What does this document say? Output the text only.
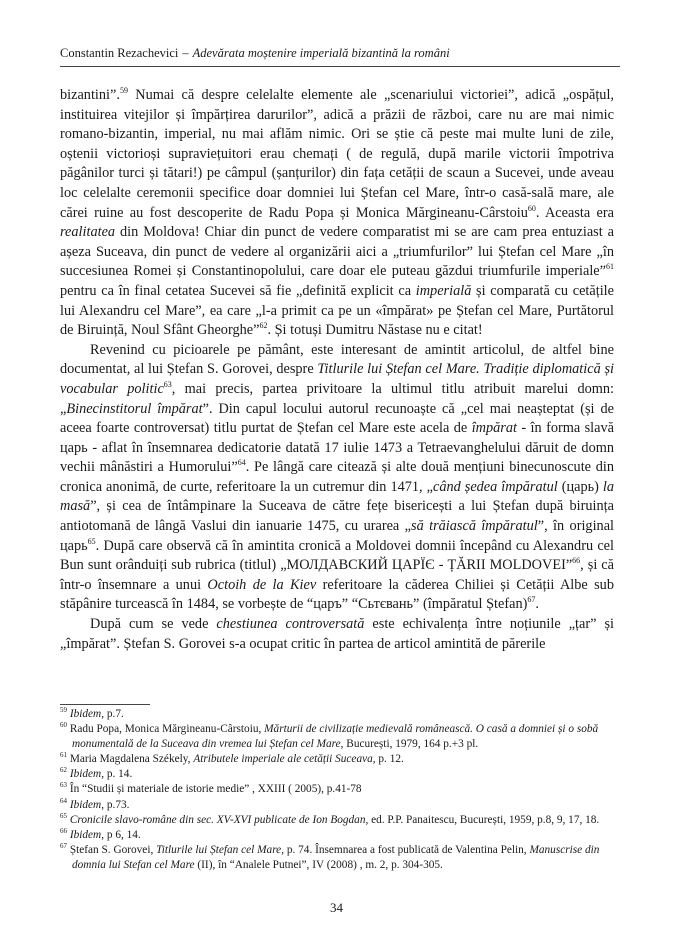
Constantin Rezachevici – Adevărata moștenire imperială bizantină la români

bizantini”.$^{59}$ Numai că despre celelalte elemente ale „scenariului victoriei”, adică „ospățul, instituirea vitejilor și împărțirea darurilor”, adică a prăzii de război, care nu are mai nimic romano-bizantin, imperial, nu mai aflăm nimic. Ori se știe că peste mai multe luni de zile, oștenii victorioși supraviețuitori erau chemați ( de regulă, după marile victorii împotriva păgânilor turci și tătari!) pe câmpul (șanțurilor) din fața cetății de scaun a Sucevei, unde aveau loc celelalte ceremonii specifice doar domniei lui Ștefan cel Mare, într-o casă-sală mare, ale cărei ruine au fost descoperite de Radu Popa și Monica Mărgineanu-Cârstoiu$^{60}$. Aceasta era realitatea din Moldova! Chiar din punct de vedere comparatist mi se are cam prea entuziast a așeza Suceava, din punct de vedere al organizării aici a „triumfurilor” lui Ștefan cel Mare „în succesiunea Romei și Constantinopolului, care doar ele puteau găzdui triumfurile imperiale”$^{61}$ pentru ca în final cetatea Sucevei să fie „definită explicit ca imperială și comparată cu cetățile lui Alexandru cel Mare”, ea care „l-a primit ca pe un «împărat» pe Ștefan cel Mare, Purtătorul de Biruință, Noul Sfânt Gheorghe”$^{62}$. Și totuși Dumitru Năstase nu e citat!

Revenind cu picioarele pe pământ, este interesant de amintit articolul, de altfel bine documentat, al lui Ștefan S. Gorovei, despre Titlurile lui Ștefan cel Mare. Tradiție diplomatică și vocabular politic$^{63}$, mai precis, partea privitoare la ultimul titlu atribuit marelui domn: „Binecinstitorul împărat”. Din capul locului autorul recunoaște că „cel mai neașteptat (și de aceea foarte controversat) titlu purtat de Ștefan cel Mare este acela de împărat - în forma slavă царь - aflat în însemnarea dedicatorie datată 17 iulie 1473 a Tetraevanghelului dăruit de domn vechii mânăstiri a Humorului”$^{64}$. Pe lângă care citează și alte două mențiuni binecunoscute din cronica anonimă, de curte, referitoare la un cutremur din 1471, „când ședea împăratul (царь) la masă”, și cea de întâmpinare la Suceava de către fețe bisericești a lui Ștefan după biruința antiotomană de lângă Vaslui din ianuarie 1475, cu urarea „să trăiască împăratul”, în original царь$^{65}$. După care observă că în amintita cronică a Moldovei domnii începând cu Alexandru cel Bun sunt orânduiți sub rubrica (titlul) „МОЛДАВСКИЙ ЦАРЇЄ - ȚĂRII MOLDOVEI”$^{66}$, și că într-o însemnare a unui Octoih de la Kiev referitoare la căderea Chiliei și Cetății Albe sub stăpânire turcească în 1484, se vorbește de “царъ” “Сьтєвань” (împăratul Ștefan)$^{67}$.

După cum se vede chestiunea controversată este echivalența între noțiunile „țar” și „împărat”. Ștefan S. Gorovei s-a ocupat critic în partea de articol amintită de părerile

$^{59}$ Ibidem, p.7.

$^{60}$ Radu Popa, Monica Mărgineanu-Cârstoiu, Mărturii de civilizație medievală românească. O casă a domniei și o sobă monumentală de la Suceava din vremea lui Ștefan cel Mare, București, 1979, 164 p.+3 pl.

$^{61}$ Maria Magdalena Székely, Atributele imperiale ale cetății Suceava, p. 12.

$^{62}$ Ibidem, p. 14.

$^{63}$ În “Studii și materiale de istorie medie” , XXIII ( 2005), p.41-78

$^{64}$ Ibidem, p.73.

$^{65}$ Cronicile slavo-române din sec. XV-XVI publicate de Ion Bogdan, ed. P.P. Panaitescu, București, 1959, p.8, 9, 17, 18.

$^{66}$ Ibidem, p 6, 14.

$^{67}$ Ștefan S. Gorovei, Titlurile lui Ștefan cel Mare, p. 74. Însemnarea a fost publicată de Valentina Pelin, Manuscrise din domnia lui Stefan cel Mare (II), în “Analele Putnei”, IV (2008) , m. 2, p. 304-305.

34
